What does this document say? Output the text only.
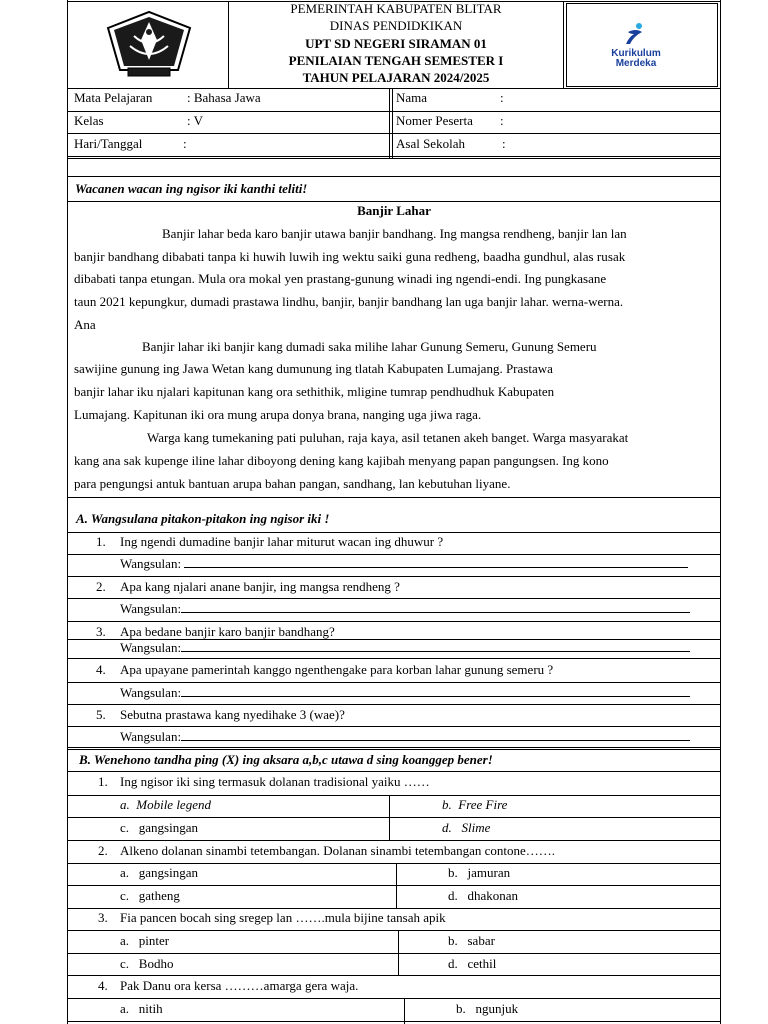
PEMERINTAH KABUPATEN BLITAR
DINAS PENDIDKIKAN
UPT SD NEGERI SIRAMAN 01
PENILAIAN TENGAH SEMESTER I
TAHUN PELAJARAN 2024/2025
Kurikulum
Merdeka
Mata Pelajaran	: Bahasa Jawa
Kelas	: V
Hari/Tanggal	:
Nama	:
Nomer Peserta :
Asal Sekolah	:
Wacanen wacan ing ngisor iki kanthi teliti!
Banjir Lahar
Banjir lahar beda karo banjir utawa banjir bandhang. Ing mangsa rendheng, banjir lan lan
banjir bandhang dibabati tanpa ki huwih luwih ing wektu saiki guna redheng, baadha gundhul, alas rusak
dibabati tanpa etungan. Mula ora mokal yen prastang-gunung winadi ing ngendi-endi. Ing pungkasane
taun 2021 kepungkur, dumadi prastawa lindhu, banjir, banjir bandhang lan uga banjir lahar. werna-werna.
Ana
Banjir lahar iki banjir kang dumadi saka milihe lahar Gunung Semeru, Gunung Semeru
sawijine gunung ing Jawa Wetan kang dumunung ing tlatah Kabupaten Lumajang. Prastawa
banjir lahar iku njalari kapitunan kang ora sethithik, mligine tumrap pendhudhuk Kabupaten
Lumajang. Kapitunan iki ora mung arupa donya brana, nanging uga jiwa raga.
Warga kang tumekaning pati puluhan, raja kaya, asil tetanen akeh banget. Warga masyarakat
kang ana sak kupenge iline lahar diboyong dening kang kajibah menyang papan pangungsen. Ing kono
para pengungsi antuk bantuan arupa bahan pangan, sandhang, lan kebutuhan liyane.
A. Wangsulana pitakon-pitakon ing ngisor iki !
1. Ing ngendi dumadine banjir lahar miturut wacan ing dhuwur ?
Wangsulan:
2. Apa kang njalari anane banjir, ing mangsa rendheng ?
Wangsulan:
3. Apa bedane banjir karo banjir bandhang?
Wangsulan:
4. Apa upayane pamerintah kanggo ngenthengake para korban lahar gunung semeru ?
Wangsulan:
5. Sebutna prastawa kang nyedihake 3 (wae)?
Wangsulan:
B. Wenehono tandha ping (X) ing aksara a,b,c utawa d sing koanggep bener!
1. Ing ngisor iki sing termasuk dolanan tradisional yaiku ……
a.  Mobile legend	b.  Free Fire
c.   gangsingan	d.   Slime
2. Alkeno dolanan sinambi tetembangan. Dolanan sinambi tetembangan contone…….
a.   gangsingan	b.   jamuran
c.   gatheng	d.   dhakonan
3. Fia pancen bocah sing sregep lan …….mula bijine tansah apik
a.   pinter	b.   sabar
c.   Bodho	d.   cethil
4. Pak Danu ora kersa ………amarga gera waja.
a.   nitih	b.   ngunjuk
